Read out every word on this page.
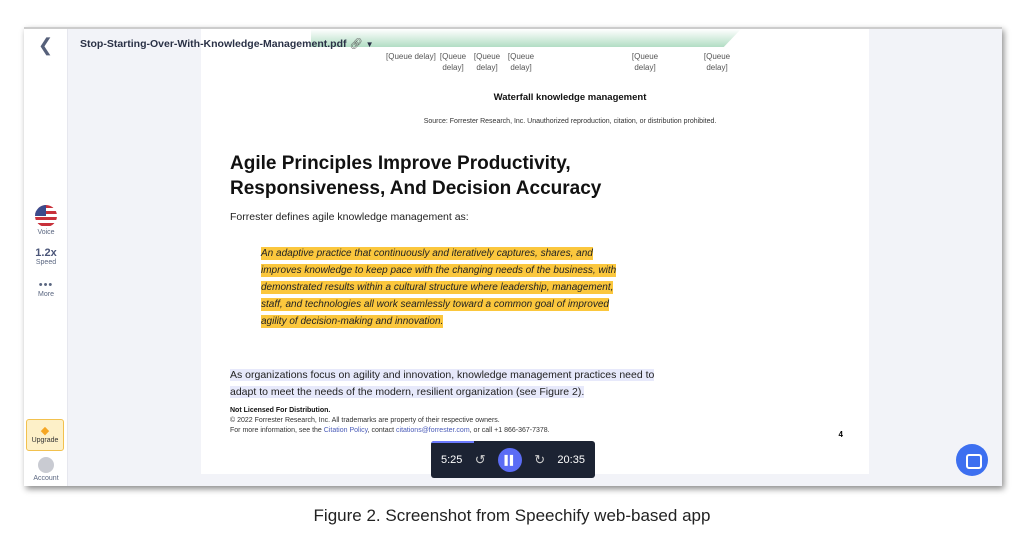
❮
Voice
1.2x
Speed
•••
More
◆
Upgrade
Account
[Queue delay] [Queue delay]
[Queue delay]
[Queue delay]
[Queue delay]
[Queue delay]
Waterfall knowledge management
Source: Forrester Research, Inc. Unauthorized reproduction, citation, or distribution prohibited.
Agile Principles Improve Productivity, Responsiveness, And Decision Accuracy
Forrester defines agile knowledge management as:
An adaptive practice that continuously and iteratively captures, shares, and improves knowledge to keep pace with the changing needs of the business, with demonstrated results within a cultural structure where leadership, management, staff, and technologies all work seamlessly toward a common goal of improved agility of decision-making and innovation.
As organizations focus on agility and innovation, knowledge management practices need to adapt to meet the needs of the modern, resilient organization (see Figure 2).
Not Licensed For Distribution.
© 2022 Forrester Research, Inc. All trademarks are property of their respective owners.
For more information, see the Citation Policy, contact citations@forrester.com, or call +1 866-367-7378.	4
Stop-Starting-Over-With-Knowledge-Management.pdf 🔗︎ ▼
5:25 ↺ ▌▌ ↻ 20:35
Figure 2. Screenshot from Speechify web-based app
